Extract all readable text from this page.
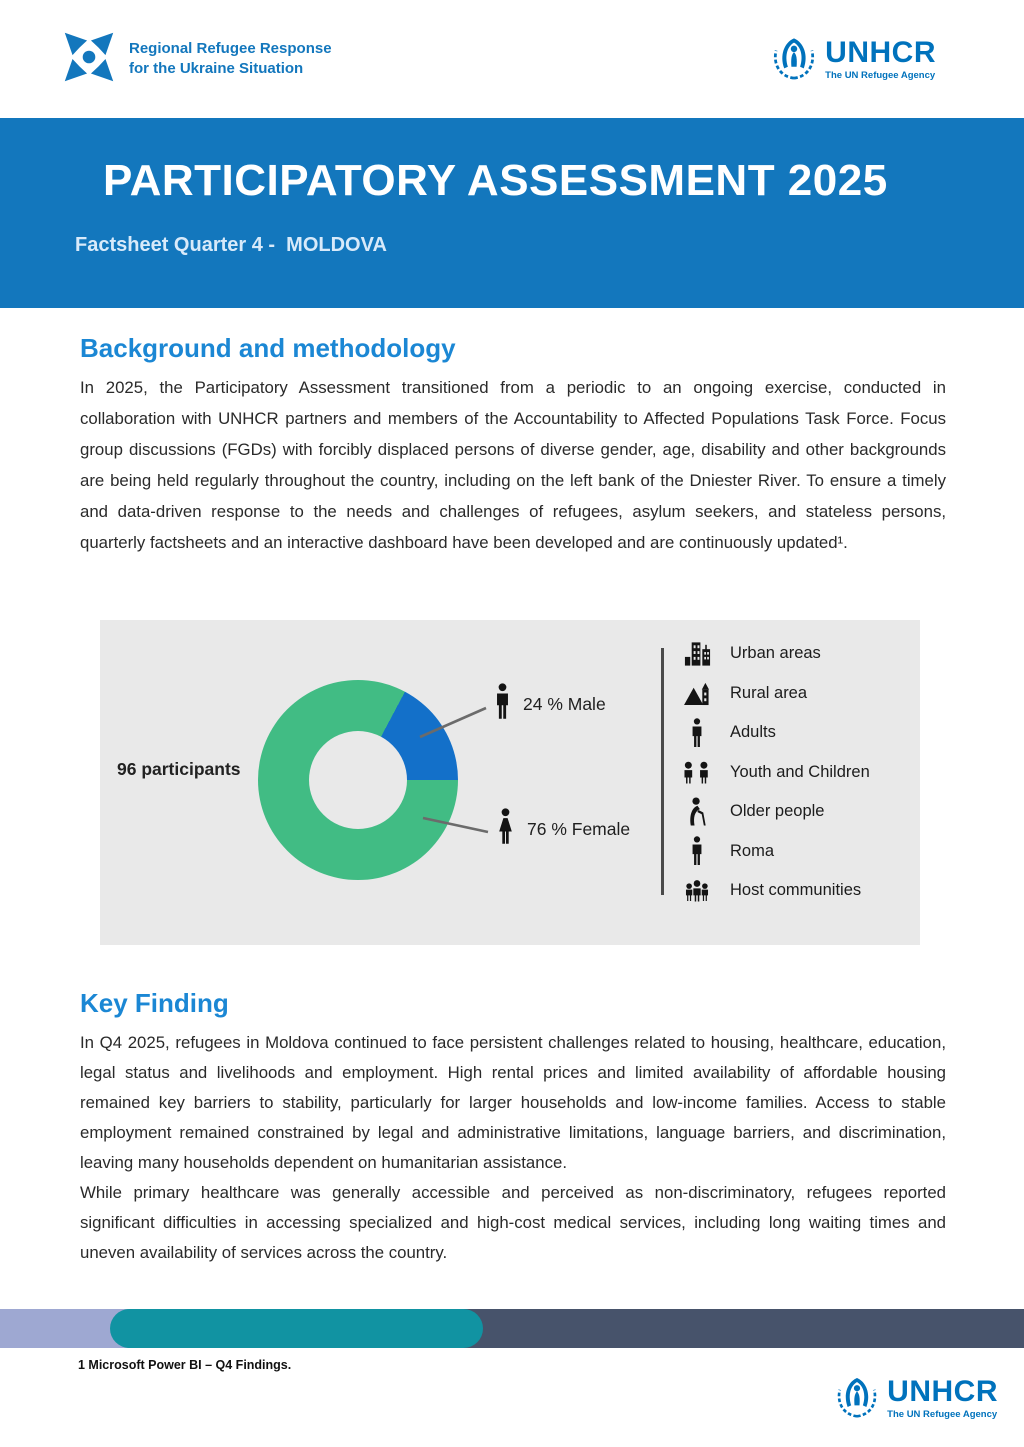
Regional Refugee Response
for the Ukraine Situation	UNHCR
The UN Refugee Agency
PARTICIPATORY ASSESSMENT 2025
Factsheet Quarter 4 -  MOLDOVA
Background and methodology

In 2025, the Participatory Assessment transitioned from a periodic to an ongoing exercise, conducted in collaboration with UNHCR partners and members of the Accountability to Affected Populations Task Force. Focus group discussions (FGDs) with forcibly displaced persons of diverse gender, age, disability and other backgrounds are being held regularly throughout the country, including on the left bank of the Dniester River. To ensure a timely and data-driven response to the needs and challenges of refugees, asylum seekers, and stateless persons, quarterly factsheets and an interactive dashboard have been developed and are continuously updated¹.

96 participants
24 % Male
76 % Female
Urban areas
Rural area
Adults
Youth and Children
Older people
Roma
Host communities
Key Finding

In Q4 2025, refugees in Moldova continued to face persistent challenges related to housing, healthcare, education, legal status and livelihoods and employment. High rental prices and limited availability of affordable housing remained key barriers to stability, particularly for larger households and low-income families. Access to stable employment remained constrained by legal and administrative limitations, language barriers, and discrimination, leaving many households dependent on humanitarian assistance.

While primary healthcare was generally accessible and perceived as non-discriminatory, refugees reported significant difficulties in accessing specialized and high-cost medical services, including long waiting times and uneven availability of services across the country.

1 Microsoft Power BI – Q4 Findings.
UNHCR
The UN Refugee Agency
